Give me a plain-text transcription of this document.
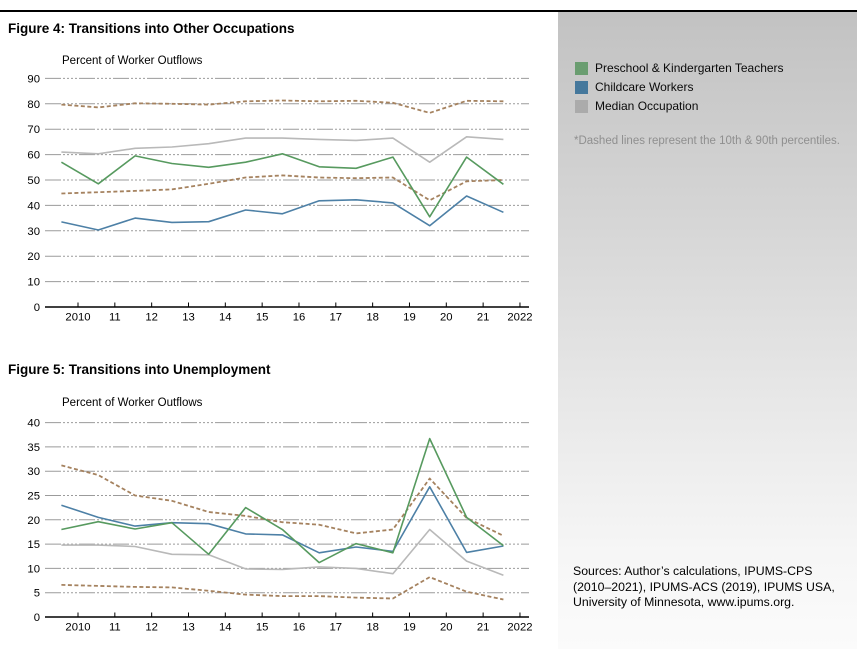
Figure 4: Transitions into Other Occupations
Percent of Worker Outflows
Figure 5: Transitions into Unemployment
Percent of Worker Outflows
0
10
20
30
40
50
60
70
80
90
2010 11 12 13 14 15 16 17 18 19 20 21 2022
0
5
10
15
20
25
30
35
40
2010 11 12 13 14 15 16 17 18 19 20 21 2022
Preschool & Kindergarten Teachers
Childcare Workers
Median Occupation

*Dashed lines represent the 10th & 90th percentiles.

Sources: Author’s calculations, IPUMS-CPS (2010–2021), IPUMS-ACS (2019), IPUMS USA, University of Minnesota, www.ipums.org.
